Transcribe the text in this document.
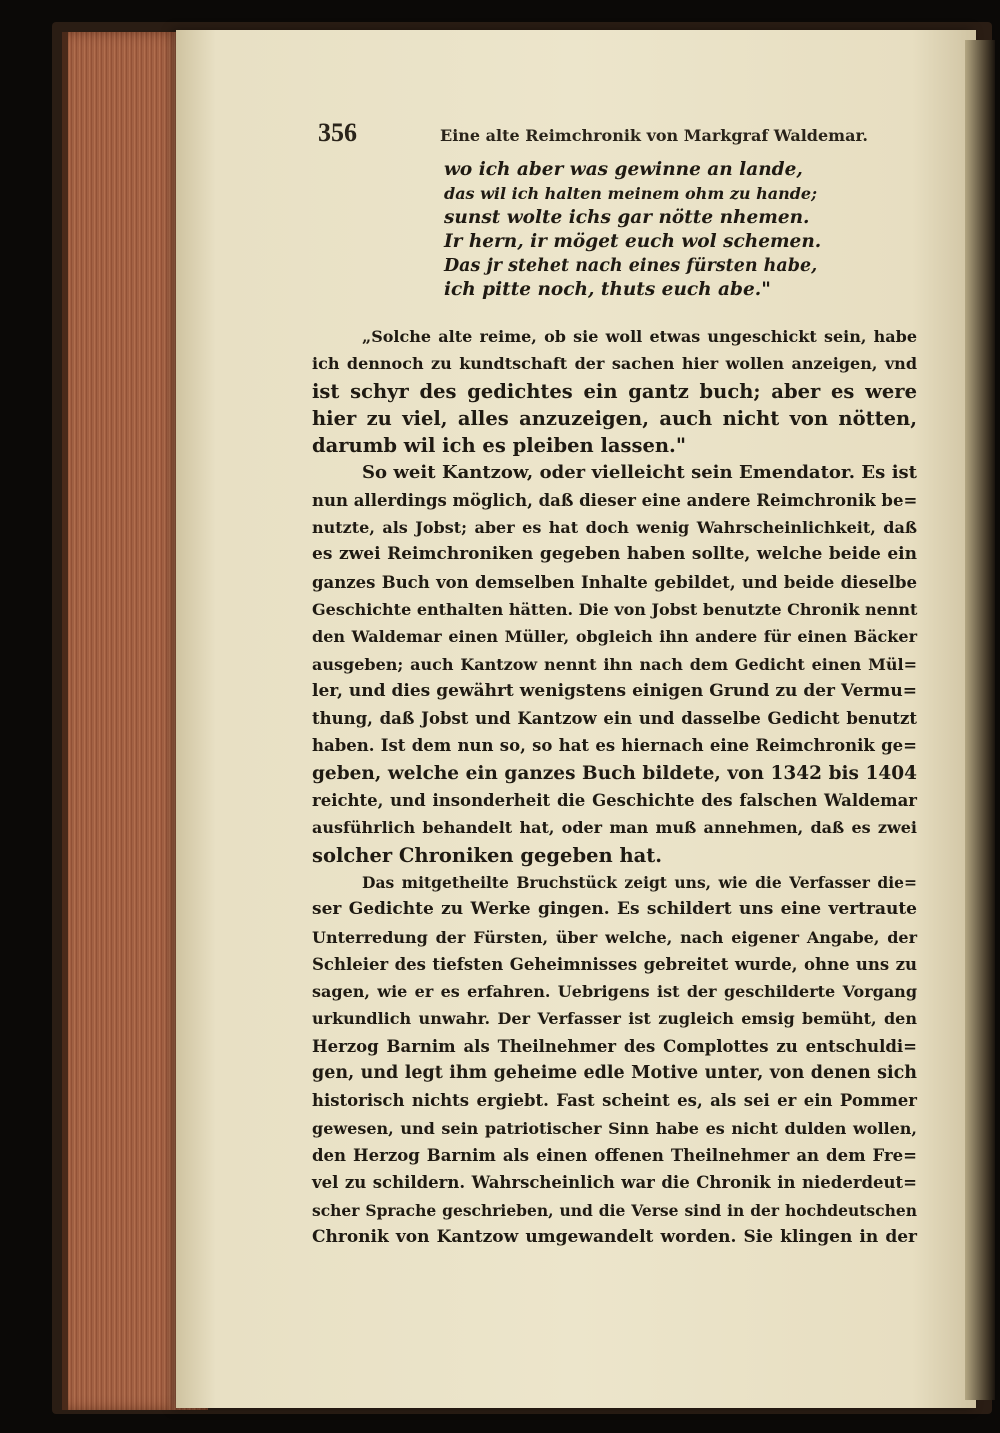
356	Eine alte Reimchronik von Markgraf Waldemar.
wo ich aber was gewinne an lande,
das wil ich halten meinem ohm zu hande;
sunst wolte ichs gar nötte nhemen.
Ir hern, ir möget euch wol schemen.
Das jr stehet nach eines fürsten habe,
ich pitte noch, thuts euch abe."
„Solche alte reime, ob sie woll etwas ungeschickt sein, habe
ich dennoch zu kundtschaft der sachen hier wollen anzeigen, vnd
ist schyr des gedichtes ein gantz buch; aber es were
hier zu viel, alles anzuzeigen, auch nicht von nötten,
darumb wil ich es pleiben lassen."
So weit Kantzow, oder vielleicht sein Emendator. Es ist
nun allerdings möglich, daß dieser eine andere Reimchronik be=
nutzte, als Jobst; aber es hat doch wenig Wahrscheinlichkeit, daß
es zwei Reimchroniken gegeben haben sollte, welche beide ein
ganzes Buch von demselben Inhalte gebildet, und beide dieselbe
Geschichte enthalten hätten. Die von Jobst benutzte Chronik nennt
den Waldemar einen Müller, obgleich ihn andere für einen Bäcker
ausgeben; auch Kantzow nennt ihn nach dem Gedicht einen Mül=
ler, und dies gewährt wenigstens einigen Grund zu der Vermu=
thung, daß Jobst und Kantzow ein und dasselbe Gedicht benutzt
haben. Ist dem nun so, so hat es hiernach eine Reimchronik ge=
geben, welche ein ganzes Buch bildete, von 1342 bis 1404
reichte, und insonderheit die Geschichte des falschen Waldemar
ausführlich behandelt hat, oder man muß annehmen, daß es zwei
solcher Chroniken gegeben hat.
Das mitgetheilte Bruchstück zeigt uns, wie die Verfasser die=
ser Gedichte zu Werke gingen. Es schildert uns eine vertraute
Unterredung der Fürsten, über welche, nach eigener Angabe, der
Schleier des tiefsten Geheimnisses gebreitet wurde, ohne uns zu
sagen, wie er es erfahren. Uebrigens ist der geschilderte Vorgang
urkundlich unwahr. Der Verfasser ist zugleich emsig bemüht, den
Herzog Barnim als Theilnehmer des Complottes zu entschuldi=
gen, und legt ihm geheime edle Motive unter, von denen sich
historisch nichts ergiebt. Fast scheint es, als sei er ein Pommer
gewesen, und sein patriotischer Sinn habe es nicht dulden wollen,
den Herzog Barnim als einen offenen Theilnehmer an dem Fre=
vel zu schildern. Wahrscheinlich war die Chronik in niederdeut=
scher Sprache geschrieben, und die Verse sind in der hochdeutschen
Chronik von Kantzow umgewandelt worden. Sie klingen in der
